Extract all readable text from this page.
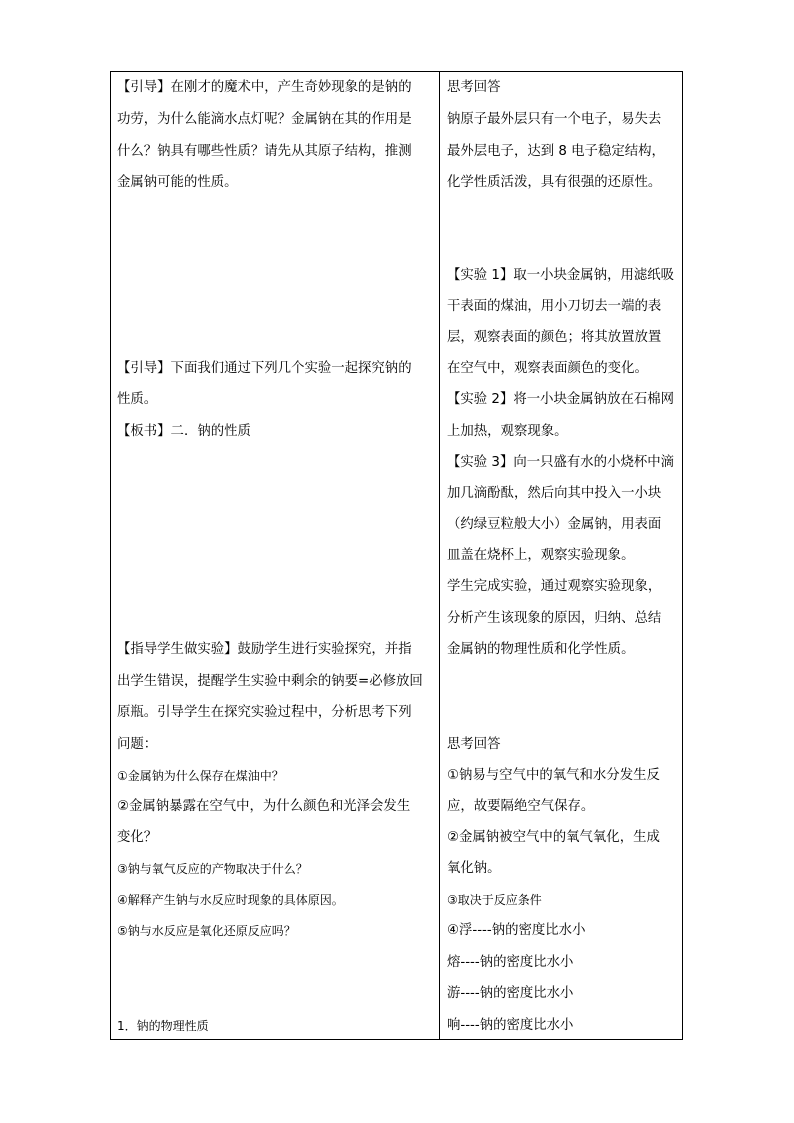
【引导】在刚才的魔术中，产生奇妙现象的是钠的
功劳，为什么能滴水点灯呢？金属钠在其的作用是
什么？钠具有哪些性质？请先从其原子结构，推测
金属钠可能的性质。
【引导】下面我们通过下列几个实验一起探究钠的
性质。
【板书】二．钠的性质
【指导学生做实验】鼓励学生进行实验探究，并指
出学生错误，提醒学生实验中剩余的钠要=必修放回
原瓶。引导学生在探究实验过程中，分析思考下列
问题：
①金属钠为什么保存在煤油中？
②金属钠暴露在空气中，为什么颜色和光泽会发生
变化？
③钠与氧气反应的产物取决于什么？
④解释产生钠与水反应时现象的具体原因。
⑤钠与水反应是氧化还原反应吗？
1．钠的物理性质
思考回答
钠原子最外层只有一个电子，易失去
最外层电子，达到 8 电子稳定结构，
化学性质活泼，具有很强的还原性。
【实验 1】取一小块金属钠，用滤纸吸
干表面的煤油，用小刀切去一端的表
层，观察表面的颜色；将其放置放置
在空气中，观察表面颜色的变化。
【实验 2】将一小块金属钠放在石棉网
上加热，观察现象。
【实验 3】向一只盛有水的小烧杯中滴
加几滴酚酞，然后向其中投入一小块
（约绿豆粒般大小）金属钠，用表面
皿盖在烧杯上，观察实验现象。
学生完成实验，通过观察实验现象，
分析产生该现象的原因，归纳、总结
金属钠的物理性质和化学性质。
思考回答
①钠易与空气中的氧气和水分发生反
应，故要隔绝空气保存。
②金属钠被空气中的氧气氧化，生成
氧化钠。
③取决于反应条件
④浮----钠的密度比水小
熔----钠的密度比水小
游----钠的密度比水小
响----钠的密度比水小
